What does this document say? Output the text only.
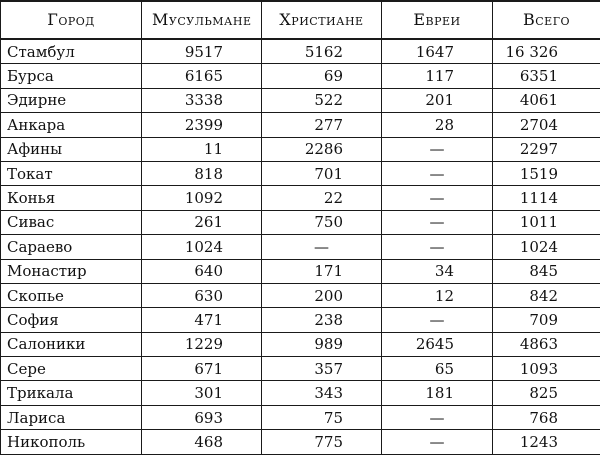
Город	Мусульмане	Христиане	Евреи	Всего
Стамбул	9517	5162	1647	16 326
Бурса	6165	69	117	6351
Эдирне	3338	522	201	4061
Анкара	2399	277	28	2704
Афины	11	2286	—	2297
Токат	818	701	—	1519
Конья	1092	22	—	1114
Сивас	261	750	—	1011
Сараево	1024	—	—	1024
Монастир	640	171	34	845
Скопье	630	200	12	842
София	471	238	—	709
Салоники	1229	989	2645	4863
Сере	671	357	65	1093
Трикала	301	343	181	825
Лариса	693	75	—	768
Никополь	468	775	—	1243
